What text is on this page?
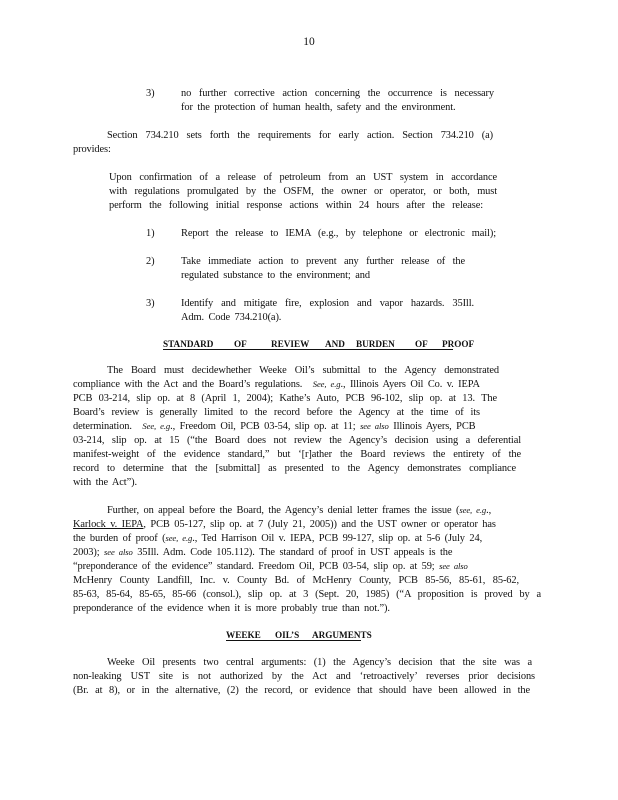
10
3)	no further corrective action concerning the occurrence is necessary
for the protection of human health, safety and the environment.
Section 734.210 sets forth the requirements for early action. Section 734.210 (a)
provides:
Upon confirmation of a release of petroleum from an UST system in accordance
with regulations promulgated by the OSFM, the owner or operator, or both, must
perform the following initial response actions within 24 hours after the release:
1)	Report the release to IEMA (e.g., by telephone or electronic mail);
2)	Take immediate action to prevent any further release of the
regulated substance to the environment; and
3)	Identify and mitigate fire, explosion and vapor hazards. 35Ill.
Adm. Code 734.210(a).
STANDARD OF	REVIEW AND BURDEN OF PROOF
The Board must decidewhether Weeke Oil’s submittal to the Agency demonstrated
compliance with the Act and the Board’s regulations. See, e.g., Illinois Ayers Oil Co. v. IEPA
PCB 03-214, slip op. at 8 (April 1, 2004); Kathe’s Auto, PCB 96-102, slip op. at 13. The
Board’s review is generally limited to the record before the Agency at the time of its
determination. See, e.g., Freedom Oil, PCB 03-54, slip op. at 11; see also Illinois Ayers, PCB
03-214, slip op. at 15 (“the Board does not review the Agency’s decision using a deferential
manifest-weight of the evidence standard,” but ‘[r]ather the Board reviews the entirety of the
record to determine that the [submittal] as presented to the Agency demonstrates compliance
with the Act”).
Further, on appeal before the Board, the Agency’s denial letter frames the issue (see, e.g.,
Karlock v. IEPA, PCB 05-127, slip op. at 7 (July 21, 2005)) and the UST owner or operator has
the burden of proof (see, e.g., Ted Harrison Oil v. IEPA, PCB 99-127, slip op. at 5-6 (July 24,
2003); see also 35Ill. Adm. Code 105.112). The standard of proof in UST appeals is the
“preponderance of the evidence” standard. Freedom Oil, PCB 03-54, slip op. at 59; see also
McHenry County Landfill, Inc. v. County Bd. of McHenry County, PCB 85-56, 85-61, 85-62,
85-63, 85-64, 85-65, 85-66 (consol.), slip op. at 3 (Sept. 20, 1985) (“A proposition is proved by a
preponderance of the evidence when it is more probably true than not.”).
WEEKE OIL’S ARGUMENTS
Weeke Oil presents two central arguments: (1) the Agency’s decision that the site was a
non-leaking UST site is not authorized by the Act and ‘retroactively’ reverses prior decisions
(Br. at 8), or in the alternative, (2) the record, or evidence that should have been allowed in the
